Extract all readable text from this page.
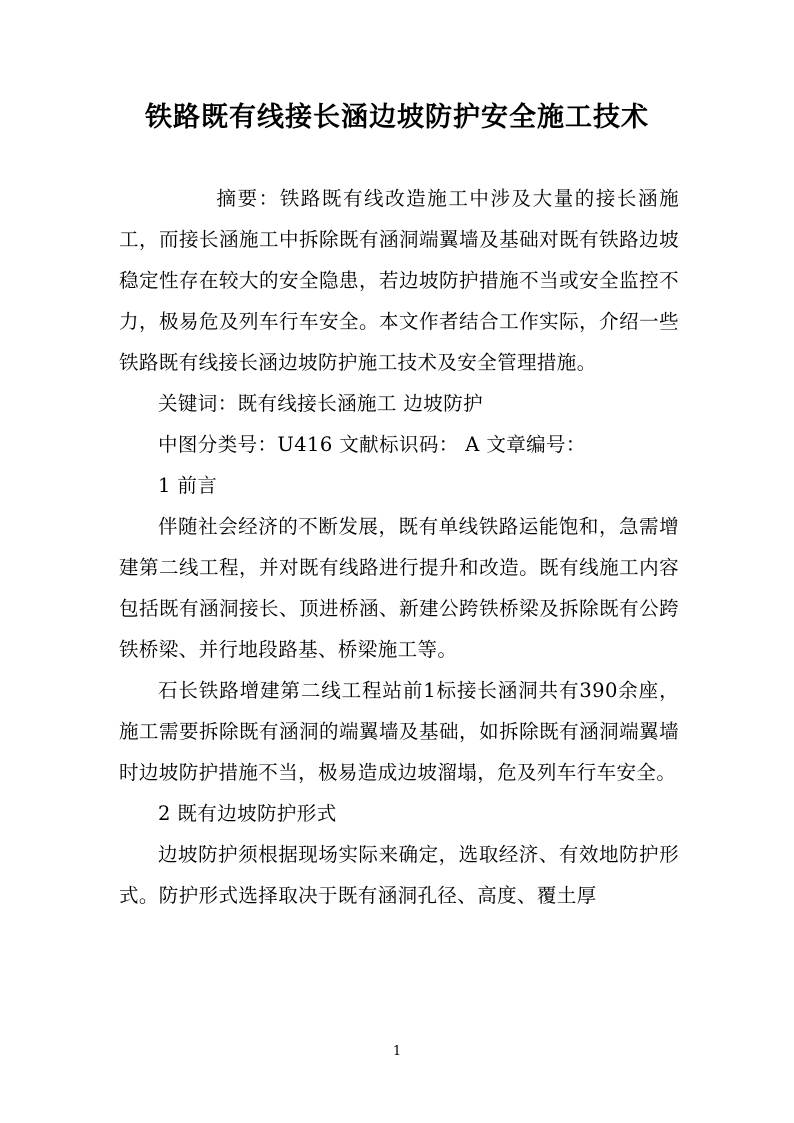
铁路既有线接长涵边坡防护安全施工技术

摘要：铁路既有线改造施工中涉及大量的接长涵施工，而接长涵施工中拆除既有涵洞端翼墙及基础对既有铁路边坡稳定性存在较大的安全隐患，若边坡防护措施不当或安全监控不力，极易危及列车行车安全。本文作者结合工作实际，介绍一些铁路既有线接长涵边坡防护施工技术及安全管理措施。

关键词：既有线接长涵施工 边坡防护

中图分类号：U416 文献标识码： A 文章编号：

1 前言

伴随社会经济的不断发展，既有单线铁路运能饱和，急需增建第二线工程，并对既有线路进行提升和改造。既有线施工内容包括既有涵洞接长、顶进桥涵、新建公跨铁桥梁及拆除既有公跨铁桥梁、并行地段路基、桥梁施工等。

石长铁路增建第二线工程站前1标接长涵洞共有390余座，施工需要拆除既有涵洞的端翼墙及基础，如拆除既有涵洞端翼墙时边坡防护措施不当，极易造成边坡溜塌，危及列车行车安全。

2 既有边坡防护形式

边坡防护须根据现场实际来确定，选取经济、有效地防护形式。防护形式选择取决于既有涵洞孔径、高度、覆土厚

1
